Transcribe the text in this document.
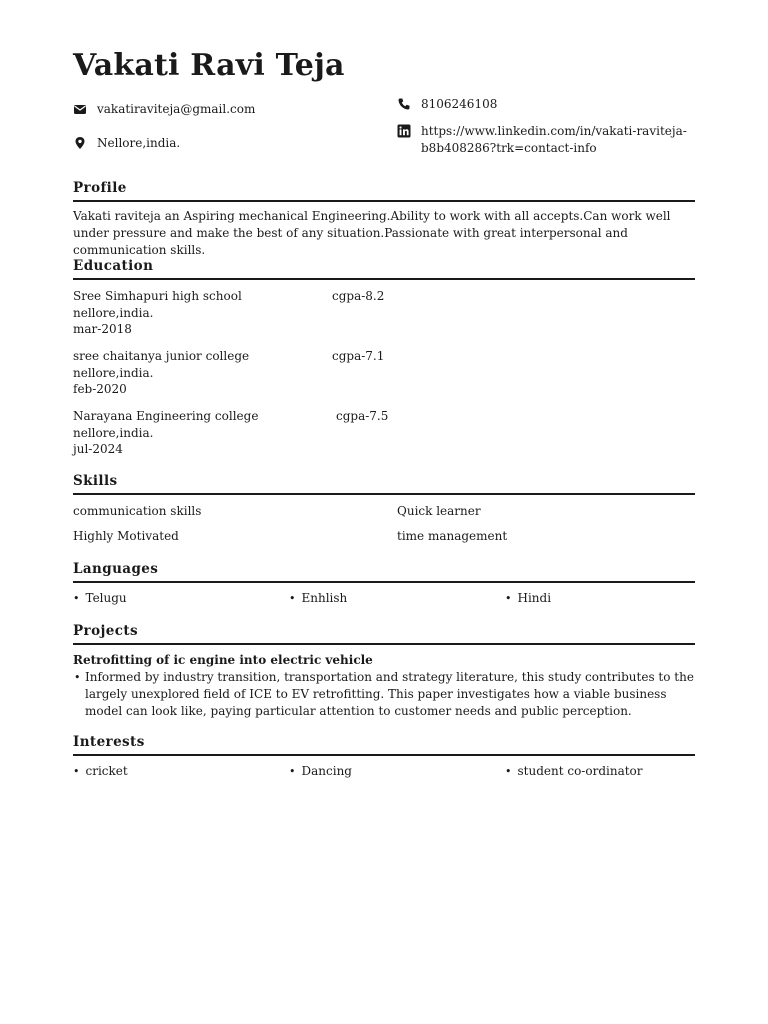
Vakati Ravi Teja
vakatiraviteja@gmail.com
Nellore,india.
8106246108
https://www.linkedin.com/in/vakati-raviteja-
b8b408286?trk=contact-info
Profile
Vakati raviteja an Aspiring mechanical Engineering.Ability to work with all accepts.Can work well under pressure and make the best of any situation.Passionate with great interpersonal and communication skills.
Education
Sree Simhapuri high school	cgpa-8.2
nellore,india.
mar-2018
sree chaitanya junior college	cgpa-7.1
nellore,india.
feb-2020
Narayana Engineering college	cgpa-7.5
nellore,india.
jul-2024
Skills
communication skills	Quick learner
Highly Motivated	time management
Languages
• Telugu	• Enhlish	• Hindi
Projects
Retrofitting of ic engine into electric vehicle
• Informed by industry transition, transportation and strategy literature, this study contributes to the largely unexplored field of ICE to EV retrofitting. This paper investigates how a viable business model can look like, paying particular attention to customer needs and public perception.
Interests
• cricket	• Dancing	• student co-ordinator
